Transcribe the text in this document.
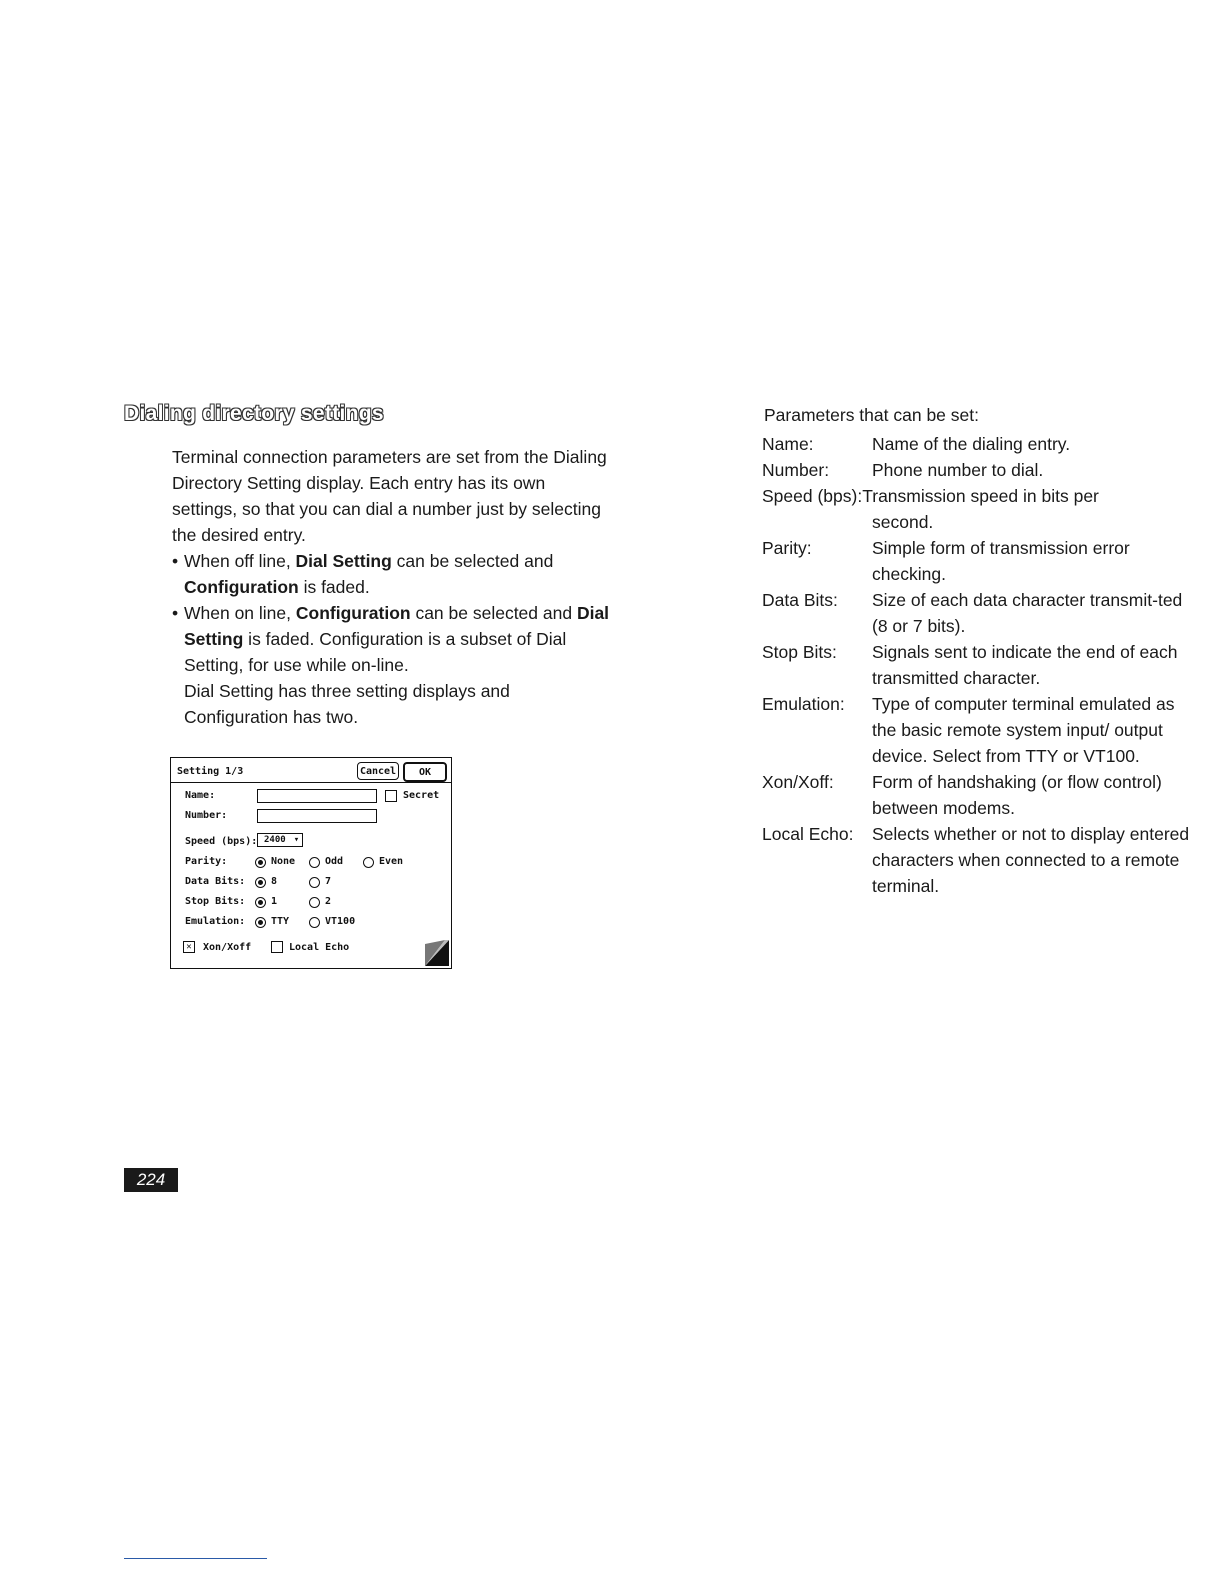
Dialing directory settings

Terminal connection parameters are set from the Dialing Directory Setting display. Each entry has its own settings, so that you can dial a number just by selecting the desired entry.

• When off line, Dial Setting can be selected and Configuration is faded.
• When on line, Configuration can be selected and Dial Setting is faded. Configuration is a subset of Dial Setting, for use while on-line.

Dial Setting has three setting displays and Configuration has two.

Setting 1/3	Cancel	OK
Name:	Secret
Number:
Speed (bps): 2400 ▾
Parity:	None	Odd	Even
Data Bits:	8	7
Stop Bits:	1	2
Emulation:	TTY	VT100
✕	Xon/Xoff	Local Echo

Parameters that can be set:

Name:	Name of the dialing entry.
Number:	Phone number to dial.
Speed (bps):Transmission speed in bits per
second.
Parity:	Simple form of transmission error checking.
Data Bits:	Size of each data character transmit-ted (8 or 7 bits).
Stop Bits:	Signals sent to indicate the end of each transmitted character.
Emulation:	Type of computer terminal emulated as the basic remote system input/ output device. Select from TTY or VT100.
Xon/Xoff:	Form of handshaking (or flow control) between modems.
Local Echo:	Selects whether or not to display entered characters when connected to a remote terminal.
224
